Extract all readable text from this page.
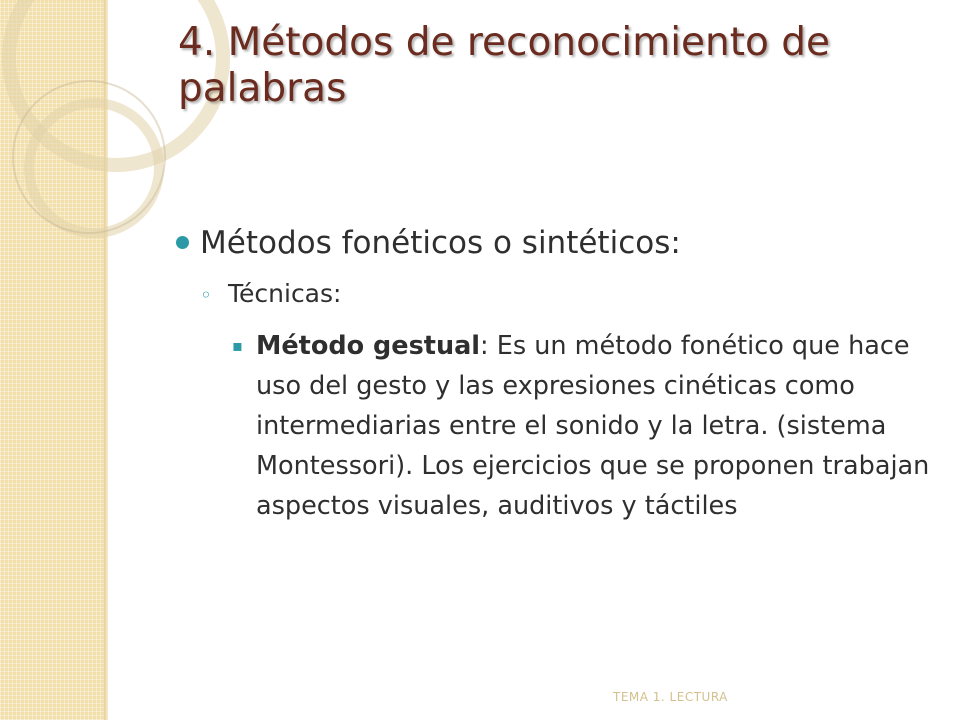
4. Métodos de reconocimiento de palabras
Métodos fonéticos o sintéticos:
◦ Técnicas:
▪ Método gestual: Es un método fonético que hace uso del gesto y las expresiones cinéticas como intermediarias entre el sonido y la letra. (sistema Montessori). Los ejercicios que se proponen trabajan aspectos visuales, auditivos y táctiles
TEMA 1. LECTURA
